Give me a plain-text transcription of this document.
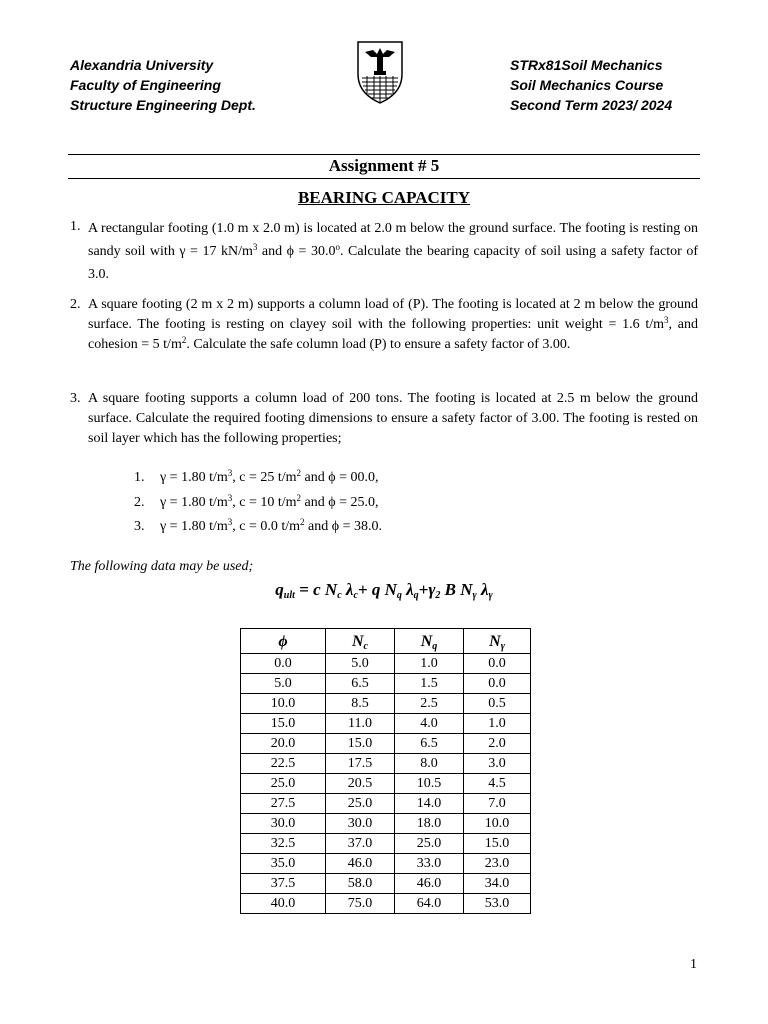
Alexandria University
Faculty of Engineering
Structure Engineering Dept.
STRx81Soil Mechanics
Soil Mechanics Course
Second Term 2023/ 2024
Assignment # 5
BEARING CAPACITY
1. A rectangular footing (1.0 m x 2.0 m) is located at 2.0 m below the ground surface. The footing is resting on sandy soil with γ = 17 $kN/m^3$ and $\phi = 30.0^o$. Calculate the bearing capacity of soil using a safety factor of 3.0.
2. A square footing (2 m x 2 m) supports a column load of (P). The footing is located at 2 m below the ground surface. The footing is resting on clayey soil with the following properties: unit weight = 1.6 $t/m^3$, and cohesion = 5 $t/m^2$. Calculate the safe column load (P) to ensure a safety factor of 3.00.
3. A square footing supports a column load of 200 tons. The footing is located at 2.5 m below the ground surface. Calculate the required footing dimensions to ensure a safety factor of 3.00. The footing is rested on soil layer which has the following properties;
1. γ = 1.80 $t/m^3$, c = 25 $t/m^2$ and ϕ = 00.0,
2. γ = 1.80 $t/m^3$, c = 10 $t/m^2$ and ϕ = 25.0,
3. γ = 1.80 $t/m^3$, c = 0.0 $t/m^2$ and ϕ = 38.0.
The following data may be used;
$q_{ult} = c$ $N_c$ $\lambda_c+ q$ $N_q$ $\lambda_q+\gamma_2$ B $N_\gamma$ $\lambda_\gamma$
ϕ	$N_c$	$N_q$	$N_\gamma$
0.0	5.0	1.0	0.0
5.0	6.5	1.5	0.0
10.0	8.5	2.5	0.5
15.0	11.0	4.0	1.0
20.0	15.0	6.5	2.0
22.5	17.5	8.0	3.0
25.0	20.5	10.5	4.5
27.5	25.0	14.0	7.0
30.0	30.0	18.0	10.0
32.5	37.0	25.0	15.0
35.0	46.0	33.0	23.0
37.5	58.0	46.0	34.0
40.0	75.0	64.0	53.0
1
